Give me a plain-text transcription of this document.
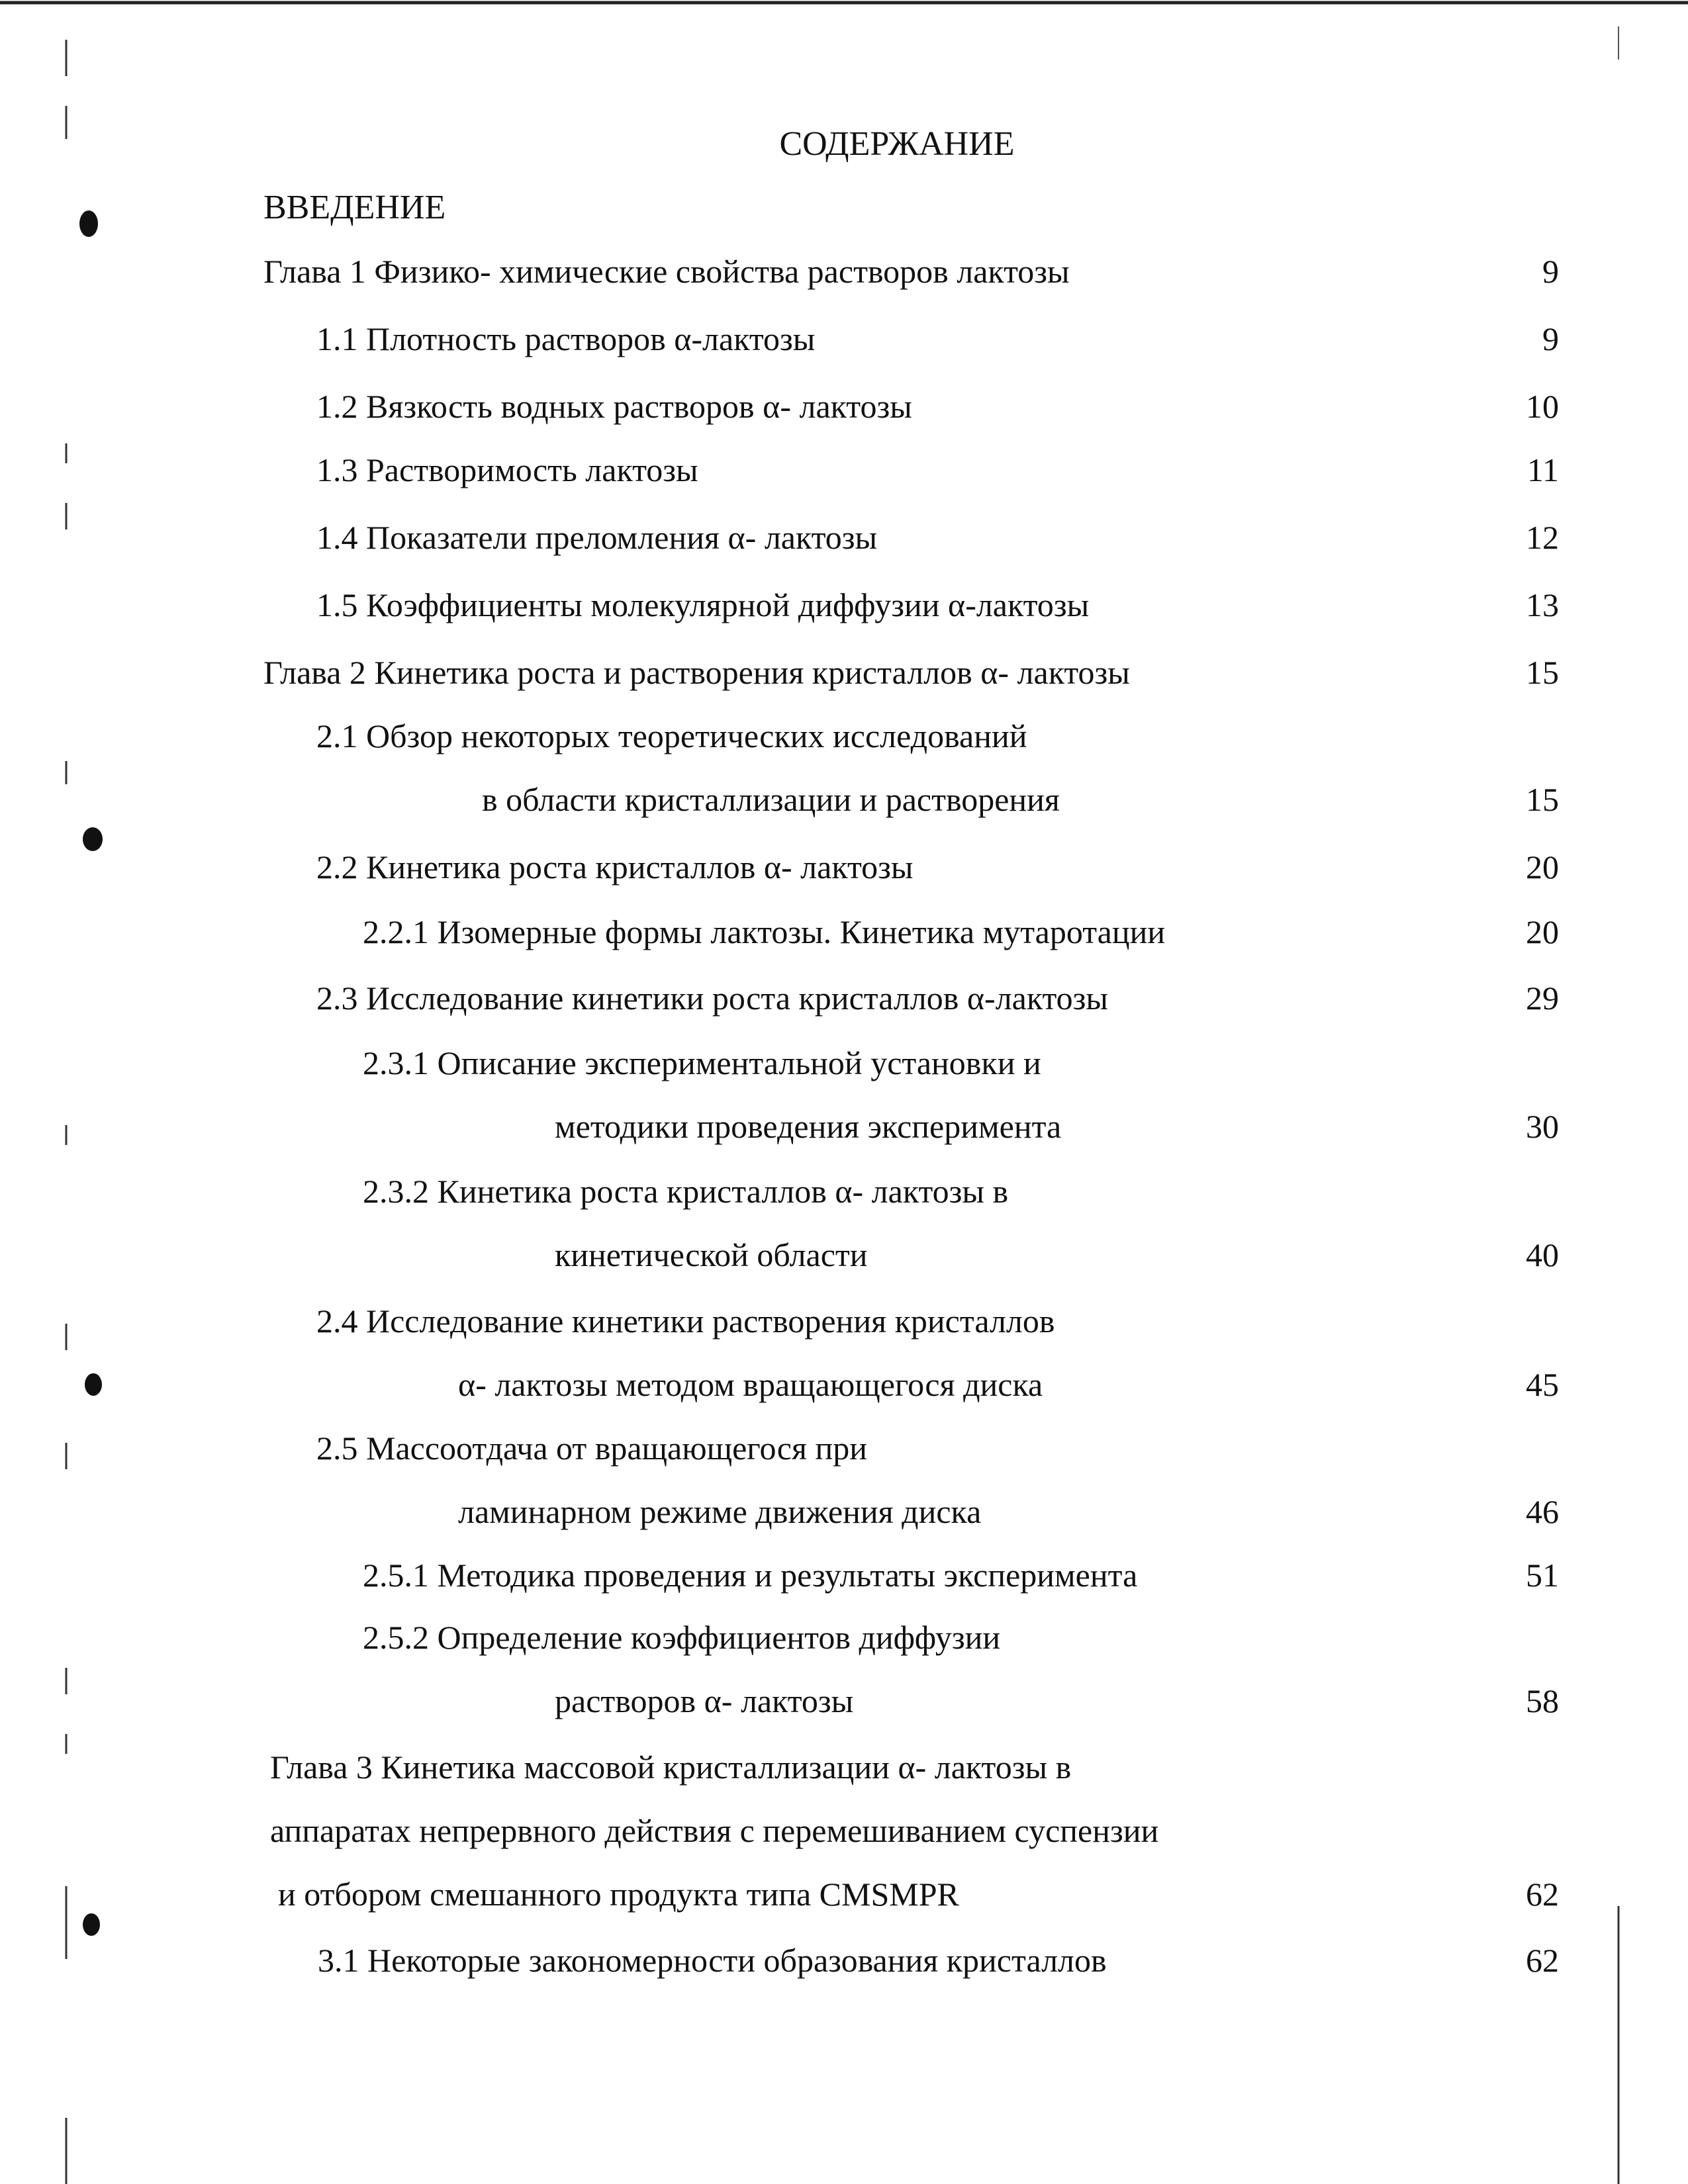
СОДЕРЖАНИЕ
ВВЕДЕНИЕ
Глава 1 Физико- химические свойства растворов лактозы	9
1.1 Плотность растворов α-лактозы	9
1.2 Вязкость водных растворов α- лактозы	10
1.3 Растворимость лактозы	11
1.4 Показатели преломления α- лактозы	12
1.5 Коэффициенты молекулярной диффузии α-лактозы	13
Глава 2 Кинетика роста и растворения кристаллов α- лактозы	15
2.1 Обзор некоторых теоретических исследований
в области кристаллизации и растворения	15
2.2 Кинетика роста кристаллов α- лактозы	20
2.2.1 Изомерные формы лактозы. Кинетика мутаротации	20
2.3 Исследование кинетики роста кристаллов α-лактозы	29
2.3.1 Описание экспериментальной установки и
методики проведения эксперимента	30
2.3.2 Кинетика роста кристаллов α- лактозы в
кинетической области	40
2.4 Исследование кинетики растворения кристаллов
α- лактозы методом вращающегося диска	45
2.5 Массоотдача от вращающегося при
ламинарном режиме движения диска	46
2.5.1 Методика проведения и результаты эксперимента	51
2.5.2 Определение коэффициентов диффузии
растворов α- лактозы	58
Глава 3 Кинетика массовой кристаллизации α- лактозы в
аппаратах непрервного действия с перемешиванием суспензии
и отбором смешанного продукта типа CMSMPR	62
3.1 Некоторые закономерности образования кристаллов	62
